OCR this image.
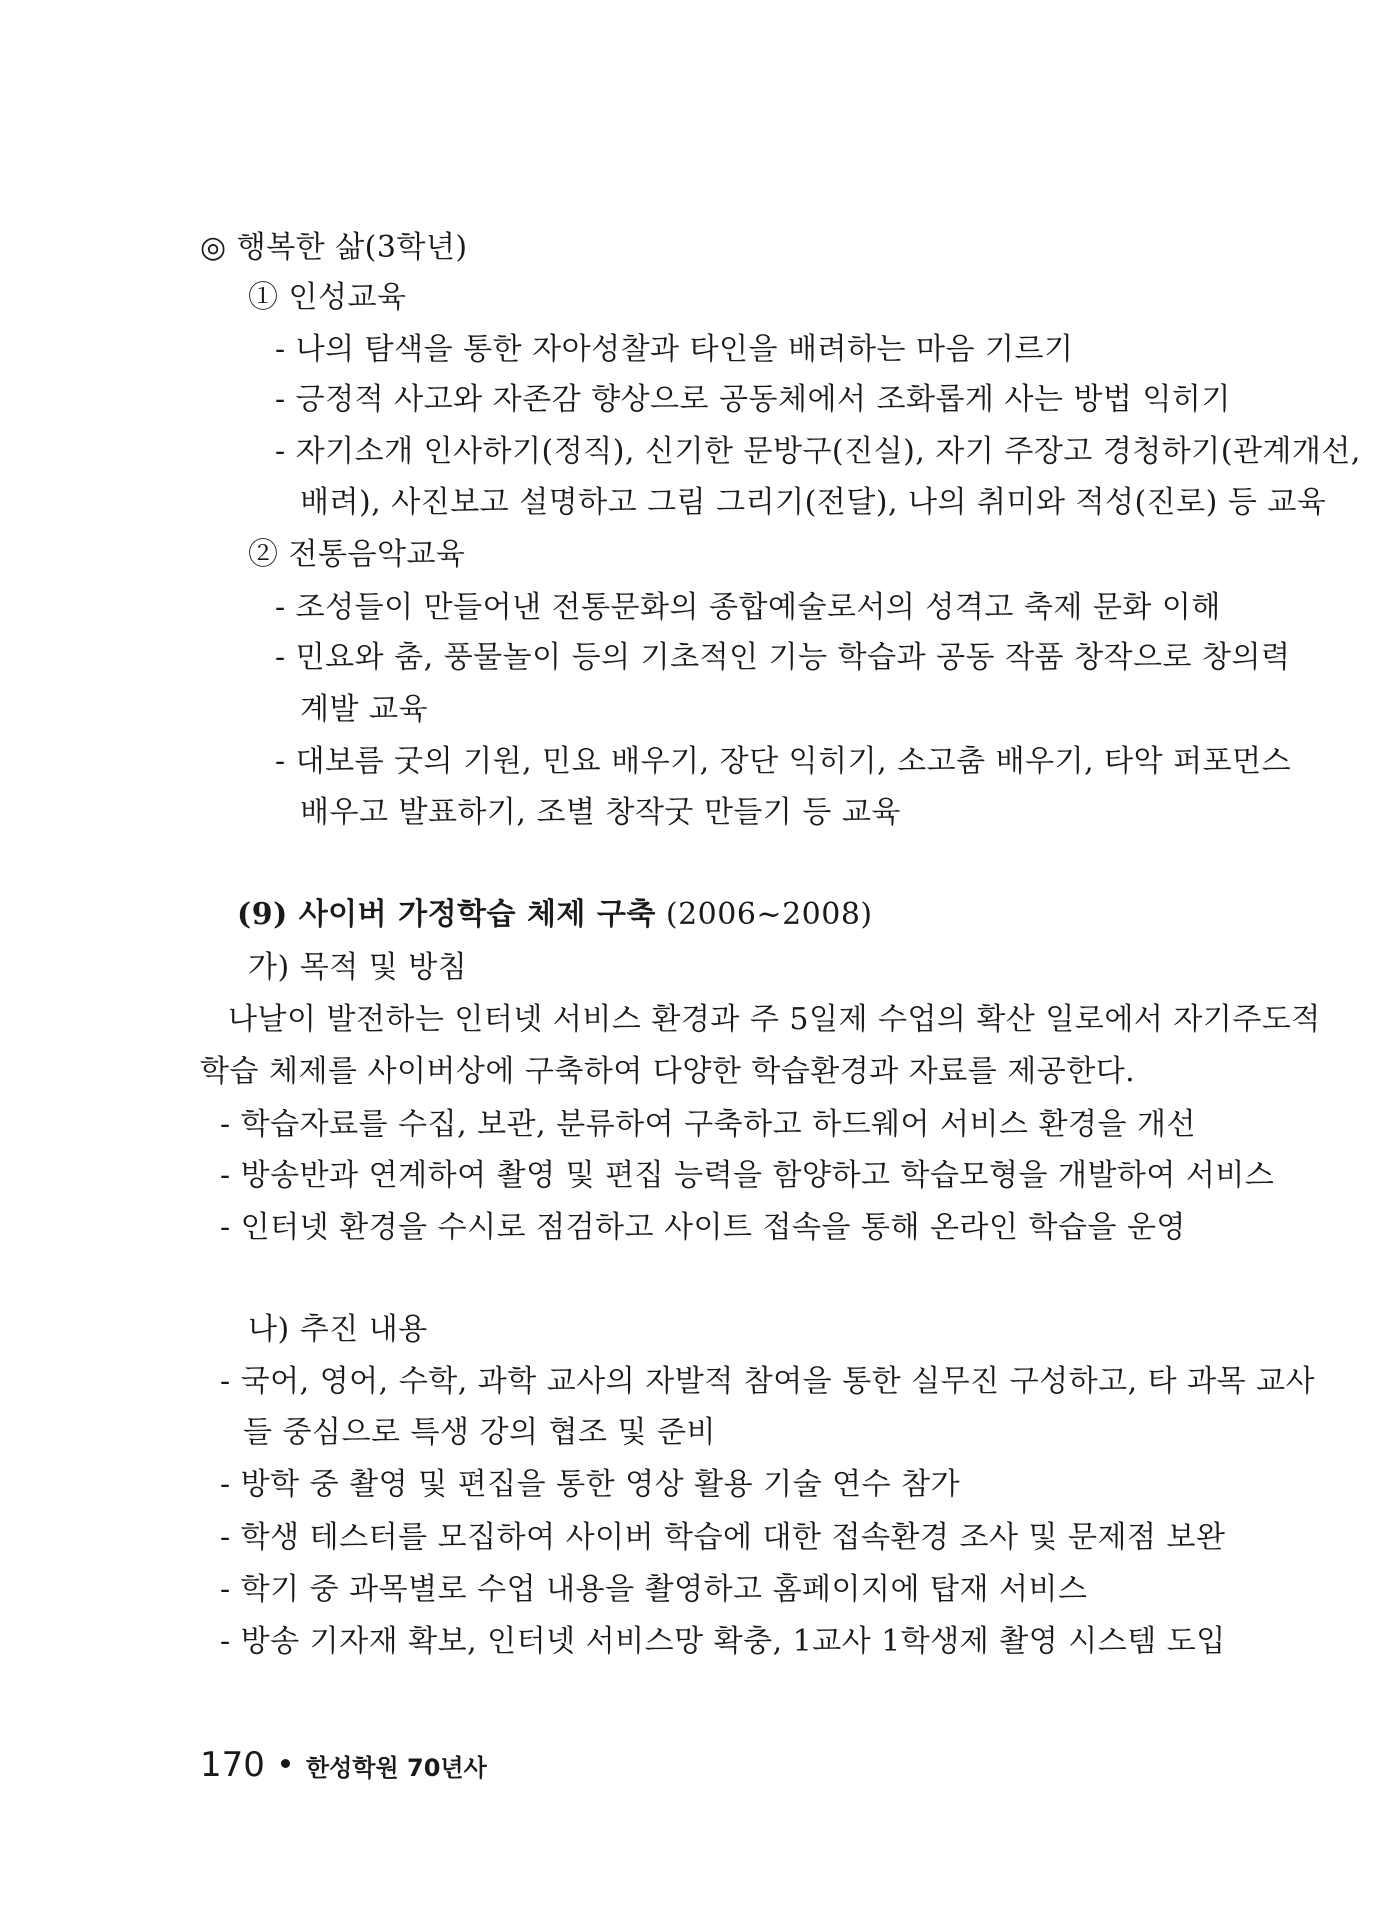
◎ 행복한 삶(3학년)
① 인성교육
- 나의 탐색을 통한 자아성찰과 타인을 배려하는 마음 기르기
- 긍정적 사고와 자존감 향상으로 공동체에서 조화롭게 사는 방법 익히기
- 자기소개 인사하기(정직), 신기한 문방구(진실), 자기 주장고 경청하기(관계개선,
배려), 사진보고 설명하고 그림 그리기(전달), 나의 취미와 적성(진로) 등 교육
② 전통음악교육
- 조성들이 만들어낸 전통문화의 종합예술로서의 성격고 축제 문화 이해
- 민요와 춤, 풍물놀이 등의 기초적인 기능 학습과 공동 작품 창작으로 창의력
계발 교육
- 대보름 굿의 기원, 민요 배우기, 장단 익히기, 소고춤 배우기, 타악 퍼포먼스
배우고 발표하기, 조별 창작굿 만들기 등 교육
(9) 사이버 가정학습 체제 구축 (2006~2008)
가) 목적 및 방침
나날이 발전하는 인터넷 서비스 환경과 주 5일제 수업의 확산 일로에서 자기주도적
학습 체제를 사이버상에 구축하여 다양한 학습환경과 자료를 제공한다.
- 학습자료를 수집, 보관, 분류하여 구축하고 하드웨어 서비스 환경을 개선
- 방송반과 연계하여 촬영 및 편집 능력을 함양하고 학습모형을 개발하여 서비스
- 인터넷 환경을 수시로 점검하고 사이트 접속을 통해 온라인 학습을 운영
나) 추진 내용
- 국어, 영어, 수학, 과학 교사의 자발적 참여을 통한 실무진 구성하고, 타 과목 교사
들 중심으로 특생 강의 협조 및 준비
- 방학 중 촬영 및 편집을 통한 영상 활용 기술 연수 참가
- 학생 테스터를 모집하여 사이버 학습에 대한 접속환경 조사 및 문제점 보완
- 학기 중 과목별로 수업 내용을 촬영하고 홈페이지에 탑재 서비스
- 방송 기자재 확보, 인터넷 서비스망 확충, 1교사 1학생제 촬영 시스템 도입
170 한성학원 70년사
